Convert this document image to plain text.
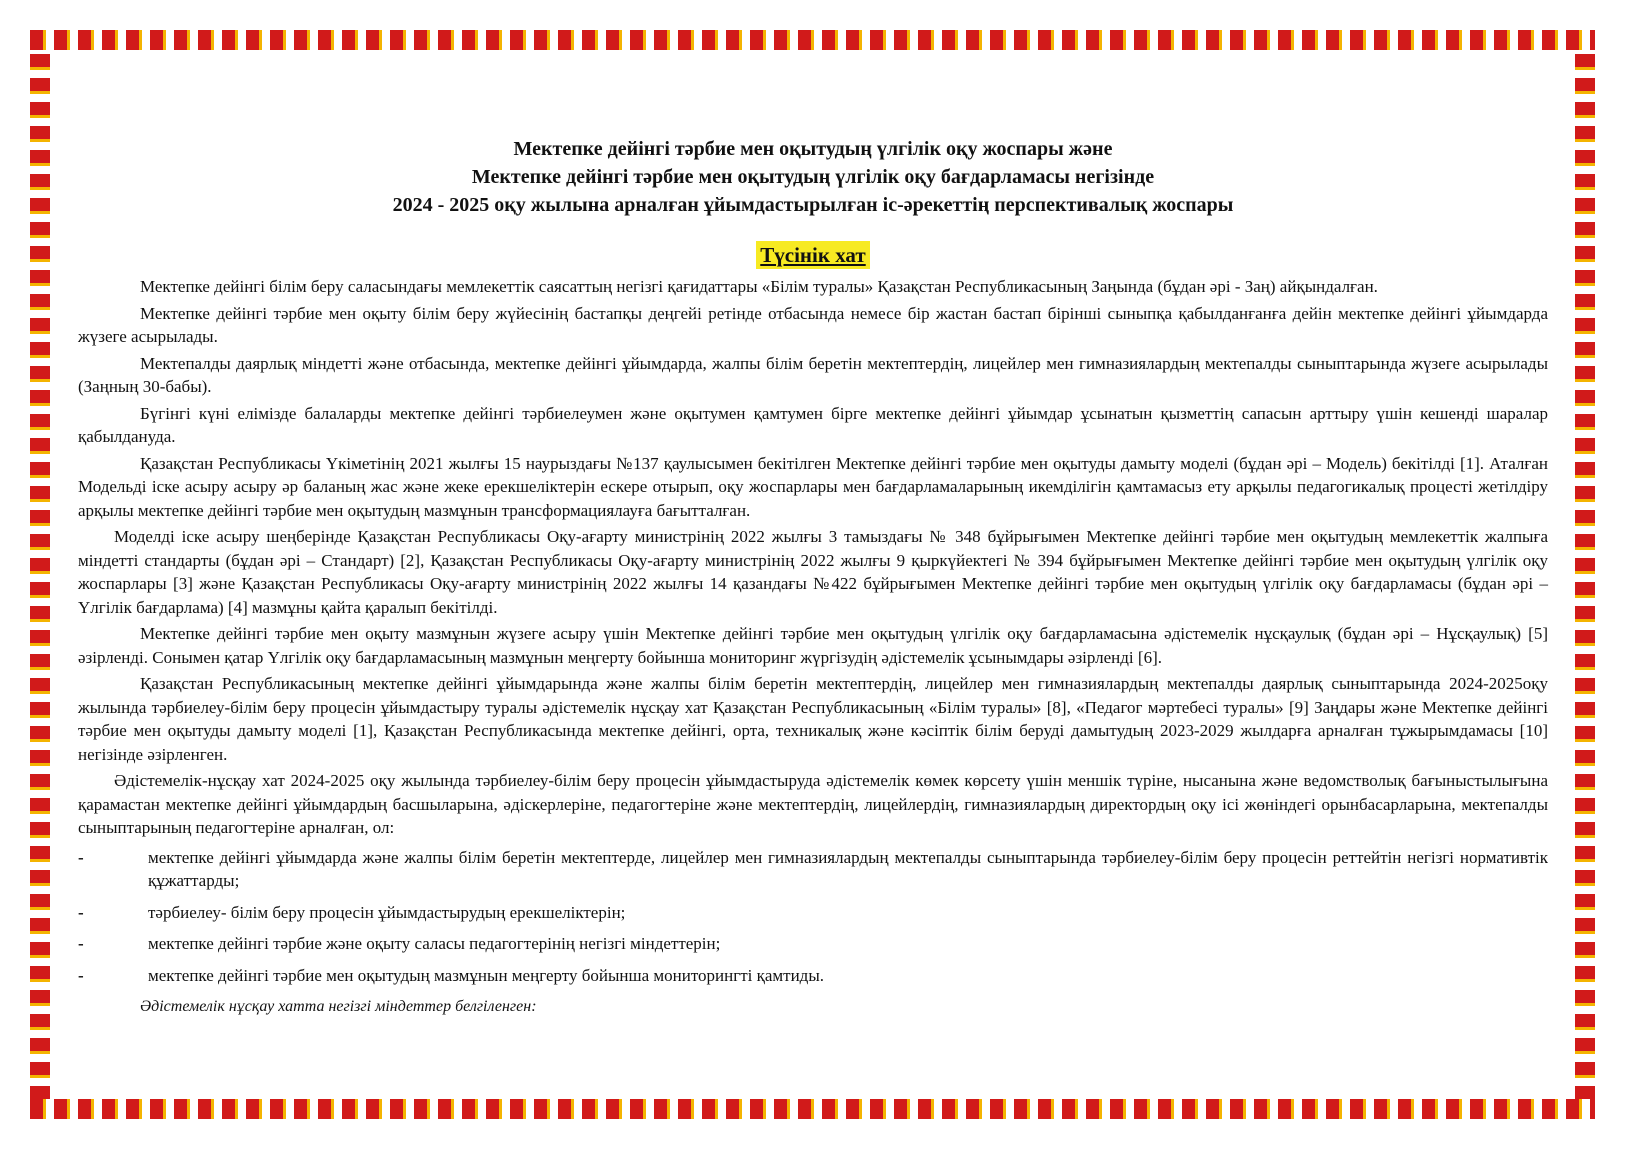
Мектепке дейінгі тәрбие мен оқытудың үлгілік оқу жоспары және
Мектепке дейінгі тәрбие мен оқытудың үлгілік оқу бағдарламасы негізінде
2024 - 2025 оқу жылына арналған ұйымдастырылған іс-әрекеттің перспективалық жоспары
Түсінік хат

Мектепке дейінгі білім беру саласындағы мемлекеттік саясаттың негізгі қағидаттары «Білім туралы» Қазақстан Республикасының Заңында (бұдан әрі - Заң) айқындалған.

Мектепке дейінгі тәрбие мен оқыту білім беру жүйесінің бастапқы деңгейі ретінде отбасында немесе бір жастан бастап бірінші сыныпқа қабылданғанға дейін мектепке дейінгі ұйымдарда жүзеге асырылады.

Мектепалды даярлық міндетті және отбасында, мектепке дейінгі ұйымдарда, жалпы білім беретін мектептердің, лицейлер мен гимназиялардың мектепалды сыныптарында жүзеге асырылады (Заңның 30-бабы).

Бүгінгі күні елімізде балаларды мектепке дейінгі тәрбиелеумен және оқытумен қамтумен бірге мектепке дейінгі ұйымдар ұсынатын қызметтің сапасын арттыру үшін кешенді шаралар қабылдануда.

Қазақстан Республикасы Үкіметінің 2021 жылғы 15 наурыздағы №137 қаулысымен бекітілген Мектепке дейінгі тәрбие мен оқытуды дамыту моделі (бұдан әрі – Модель) бекітілді [1]. Аталған Модельді іске асыру асыру әр баланың жас және жеке ерекшеліктерін ескере отырып, оқу жоспарлары мен бағдарламаларының икемділігін қамтамасыз ету арқылы педагогикалық процесті жетілдіру арқылы мектепке дейінгі тәрбие мен оқытудың мазмұнын трансформациялауға бағытталған.

Моделді іске асыру шеңберінде Қазақстан Республикасы Оқу-ағарту министрінің 2022 жылғы 3 тамыздағы № 348 бұйрығымен Мектепке дейінгі тәрбие мен оқытудың мемлекеттік жалпыға міндетті стандарты (бұдан әрі – Стандарт) [2], Қазақстан Республикасы Оқу-ағарту министрінің 2022 жылғы 9 қыркүйектегі № 394 бұйрығымен Мектепке дейінгі тәрбие мен оқытудың үлгілік оқу жоспарлары [3] және Қазақстан Республикасы Оқу-ағарту министрінің 2022 жылғы 14 қазандағы №422 бұйрығымен Мектепке дейінгі тәрбие мен оқытудың үлгілік оқу бағдарламасы (бұдан әрі – Үлгілік бағдарлама) [4] мазмұны қайта қаралып бекітілді.

Мектепке дейінгі тәрбие мен оқыту мазмұнын жүзеге асыру үшін Мектепке дейінгі тәрбие мен оқытудың үлгілік оқу бағдарламасына әдістемелік нұсқаулық (бұдан әрі – Нұсқаулық) [5] әзірленді. Сонымен қатар Үлгілік оқу бағдарламасының мазмұнын меңгерту бойынша мониторинг жүргізудің әдістемелік ұсынымдары әзірленді [6].

Қазақстан Республикасының мектепке дейінгі ұйымдарында және жалпы білім беретін мектептердің, лицейлер мен гимназиялардың мектепалды даярлық сыныптарында 2024-2025оқу жылында тәрбиелеу-білім беру процесін ұйымдастыру туралы әдістемелік нұсқау хат Қазақстан Республикасының «Білім туралы» [8], «Педагог мәртебесі туралы» [9] Заңдары және Мектепке дейінгі тәрбие мен оқытуды дамыту моделі [1], Қазақстан Республикасында мектепке дейінгі, орта, техникалық және кәсіптік білім беруді дамытудың 2023-2029 жылдарға арналған тұжырымдамасы [10] негізінде әзірленген.

Әдістемелік-нұсқау хат 2024-2025 оқу жылында тәрбиелеу-білім беру процесін ұйымдастыруда әдістемелік көмек көрсету үшін меншік түріне, нысанына және ведомстволық бағыныстылығына қарамастан мектепке дейінгі ұйымдардың басшыларына, әдіскерлеріне, педагогтеріне және мектептердің, лицейлердің, гимназиялардың директордың оқу ісі жөніндегі орынбасарларына, мектепалды сыныптарының педагогтеріне арналған, ол:

-	мектепке дейінгі ұйымдарда және жалпы білім беретін мектептерде, лицейлер мен гимназиялардың мектепалды сыныптарында тәрбиелеу-білім беру процесін реттейтін негізгі нормативтік құжаттарды;
-	тәрбиелеу- білім беру процесін ұйымдастырудың ерекшеліктерін;
-	мектепке дейінгі тәрбие және оқыту саласы педагогтерінің негізгі міндеттерін;
-	мектепке дейінгі тәрбие мен оқытудың мазмұнын меңгерту бойынша мониторингті қамтиды.
Әдістемелік нұсқау хатта негізгі міндеттер белгіленген:
